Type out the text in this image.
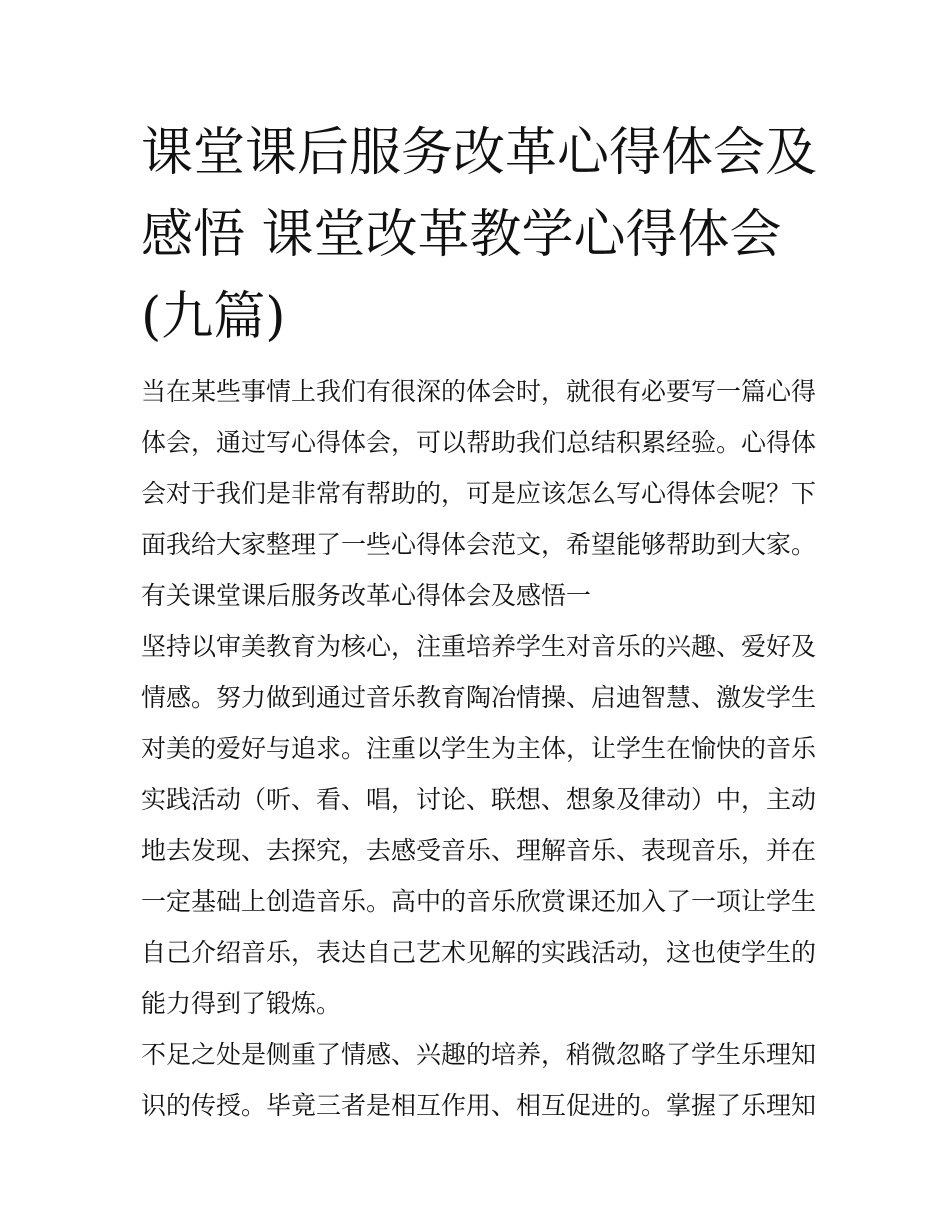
课堂课后服务改革心得体会及
感悟 课堂改革教学心得体会
(九篇)

当在某些事情上我们有很深的体会时，就很有必要写一篇心得
体会，通过写心得体会，可以帮助我们总结积累经验。心得体
会对于我们是非常有帮助的，可是应该怎么写心得体会呢？下
面我给大家整理了一些心得体会范文，希望能够帮助到大家。

有关课堂课后服务改革心得体会及感悟一

坚持以审美教育为核心，注重培养学生对音乐的兴趣、爱好及
情感。努力做到通过音乐教育陶冶情操、启迪智慧、激发学生
对美的爱好与追求。注重以学生为主体，让学生在愉快的音乐
实践活动（听、看、唱，讨论、联想、想象及律动）中，主动
地去发现、去探究，去感受音乐、理解音乐、表现音乐，并在
一定基础上创造音乐。高中的音乐欣赏课还加入了一项让学生
自己介绍音乐，表达自己艺术见解的实践活动，这也使学生的
能力得到了锻炼。

不足之处是侧重了情感、兴趣的培养，稍微忽略了学生乐理知
识的传授。毕竟三者是相互作用、相互促进的。掌握了乐理知
